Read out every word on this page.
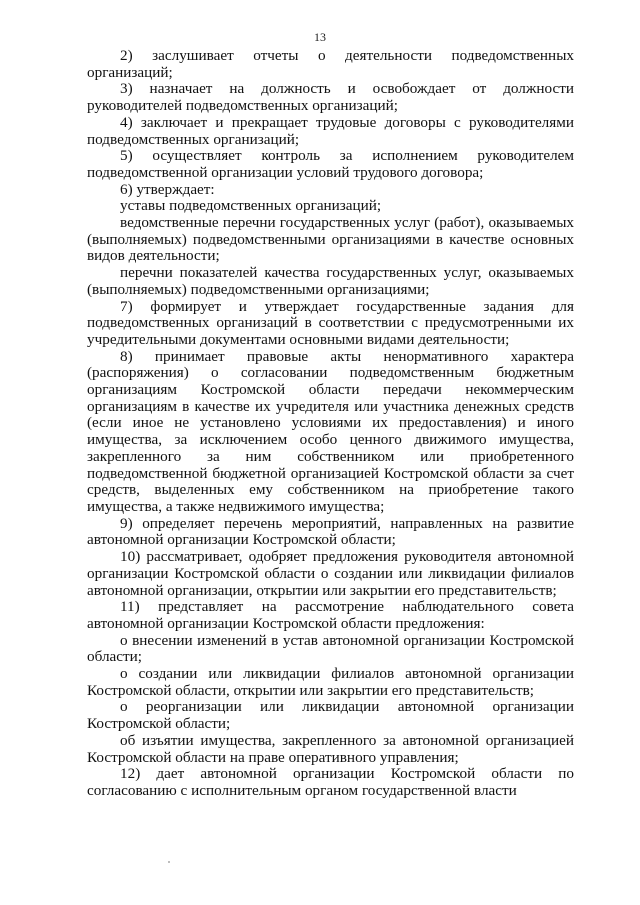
13

2) заслушивает отчеты о деятельности подведомственных организаций;

3) назначает на должность и освобождает от должности руководителей подведомственных организаций;

4) заключает и прекращает трудовые договоры с руководителями подведомственных организаций;

5) осуществляет контроль за исполнением руководителем подведомственной организации условий трудового договора;

6) утверждает:

уставы подведомственных организаций;

ведомственные перечни государственных услуг (работ), оказываемых (выполняемых) подведомственными организациями в качестве основных видов деятельности;

перечни показателей качества государственных услуг, оказываемых (выполняемых) подведомственными организациями;

7) формирует и утверждает государственные задания для подведомственных организаций в соответствии с предусмотренными их учредительными документами основными видами деятельности;

8) принимает правовые акты ненормативного характера (распоряжения) о согласовании подведомственным бюджетным организациям Костромской области передачи некоммерческим организациям в качестве их учредителя или участника денежных средств (если иное не установлено условиями их предоставления) и иного имущества, за исключением особо ценного движимого имущества, закрепленного за ним собственником или приобретенного подведомственной бюджетной организацией Костромской области за счет средств, выделенных ему собственником на приобретение такого имущества, а также недвижимого имущества;

9) определяет перечень мероприятий, направленных на развитие автономной организации Костромской области;

10) рассматривает, одобряет предложения руководителя автономной организации Костромской области о создании или ликвидации филиалов автономной организации, открытии или закрытии его представительств;

11) представляет на рассмотрение наблюдательного совета автономной организации Костромской области предложения:

о внесении изменений в устав автономной организации Костромской области;

о создании или ликвидации филиалов автономной организации Костромской области, открытии или закрытии его представительств;

о реорганизации или ликвидации автономной организации Костромской области;

об изъятии имущества, закрепленного за автономной организацией Костромской области на праве оперативного управления;

12) дает автономной организации Костромской области по согласованию с исполнительным органом государственной власти
